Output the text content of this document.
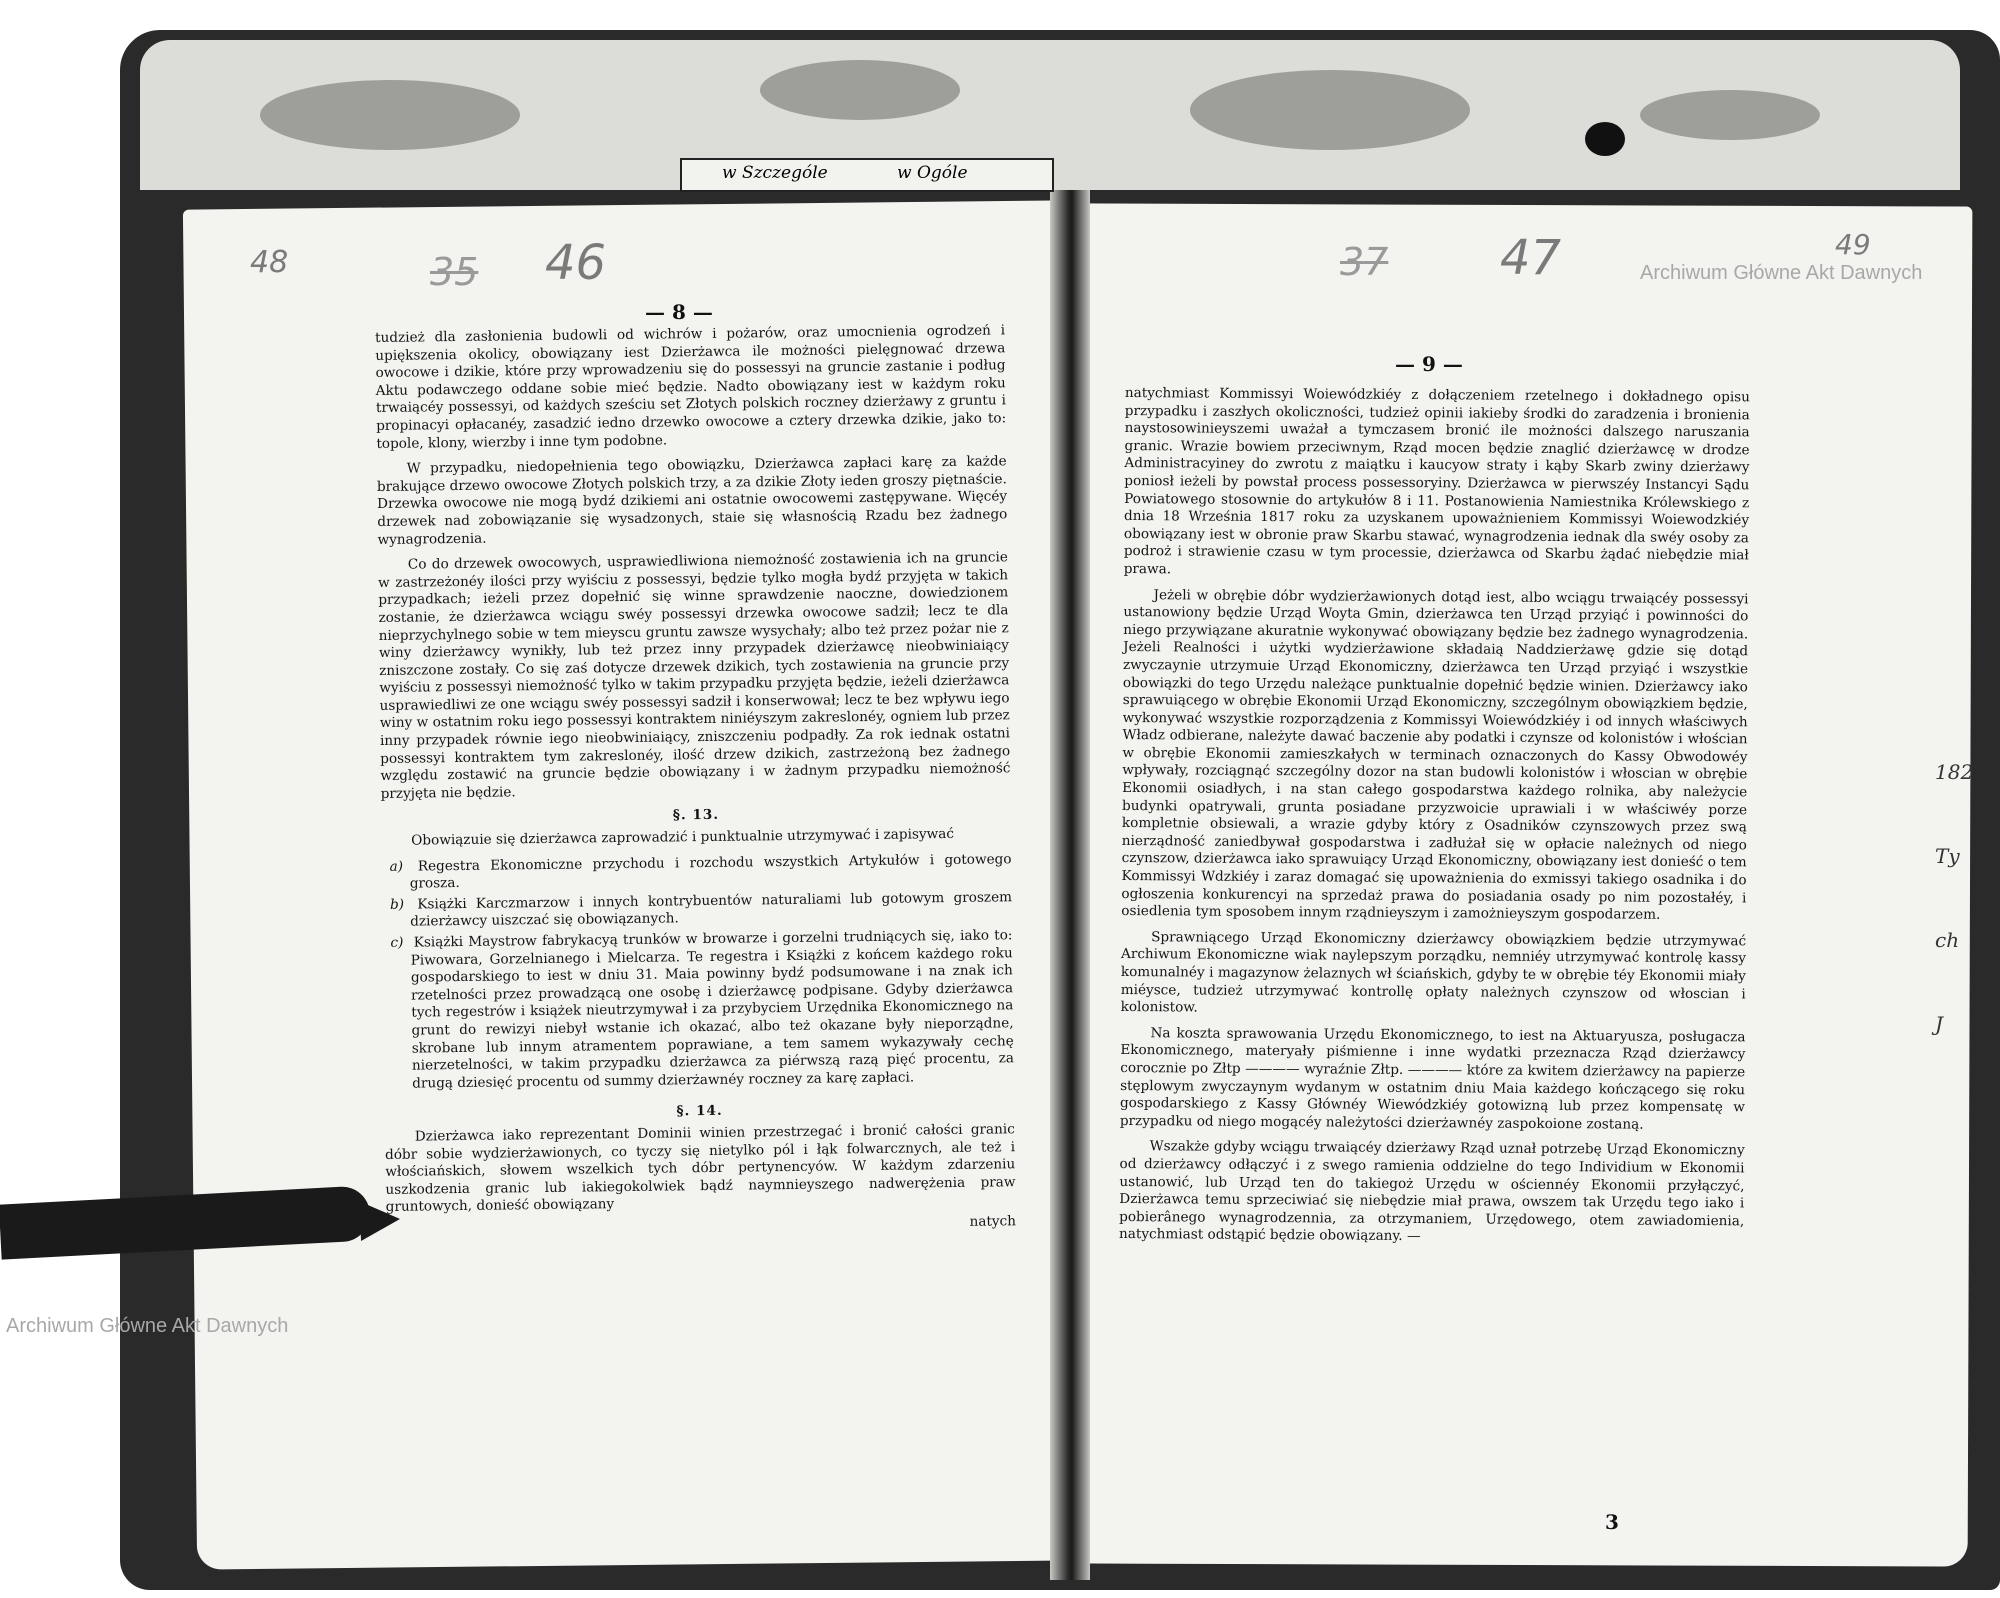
w Szczególe	w Ogóle
48	35 46	37 47	49
Archiwum Główne Akt Dawnych
Archiwum Główne Akt Dawnych
— 8 —
— 9 —

tudzież dla zasłonienia budowli od wichrów i pożarów, oraz umocnienia ogrodzeń i upiększenia okolicy, obowiązany iest Dzierżawca ile możności pielęgnować drzewa owocowe i dzikie, które przy wprowadzeniu się do possessyi na gruncie zastanie i podług Aktu podawczego oddane sobie mieć będzie. Nadto obowiązany iest w każdym roku trwaiącéy possessyi, od każdych sześciu set Złotych polskich roczney dzierżawy z gruntu i propinacyi opłacanéy, zasadzić iedno drzewko owocowe a cztery drzewka dzikie, jako to: topole, klony, wierzby i inne tym podobne.

W przypadku, niedopełnienia tego obowiązku, Dzierżawca zapłaci karę za każde brakujące drzewo owocowe Złotych polskich trzy, a za dzikie Złoty ieden groszy piętnaście. Drzewka owocowe nie mogą bydź dzikiemi ani ostatnie owocowemi zastępywane. Więcéy drzewek nad zobowiązanie się wysadzonych, staie się własnością Rzadu bez żadnego wynagrodzenia.

Co do drzewek owocowych, usprawiedliwiona niemożność zostawienia ich na gruncie w zastrzeżonéy ilości przy wyiściu z possessyi, będzie tylko mogła bydź przyjęta w takich przypadkach; ieżeli przez dopełnić się winne sprawdzenie naoczne, dowiedzionem zostanie, że dzierżawca wciągu swéy possessyi drzewka owocowe sadził; lecz te dla nieprzychylnego sobie w tem mieyscu gruntu zawsze wysychały; albo też przez pożar nie z winy dzierżawcy wynikły, lub też przez inny przypadek dzierżawcę nieobwiniaiący zniszczone zostały. Co się zaś dotycze drzewek dzikich, tych zostawienia na gruncie przy wyiściu z possessyi niemożność tylko w takim przypadku przyjęta będzie, ieżeli dzierżawca usprawiedliwi ze one wciągu swéy possessyi sadził i konserwował; lecz te bez wpływu iego winy w ostatnim roku iego possessyi kontraktem niniéyszym zakreslonéy, ogniem lub przez inny przypadek równie iego nieobwiniaiący, zniszczeniu podpadły. Za rok iednak ostatni possessyi kontraktem tym zakreslonéy, ilość drzew dzikich, zastrzeżoną bez żadnego względu zostawić na gruncie będzie obowiązany i w żadnym przypadku niemożność przyjęta nie będzie.

§. 13.

Obowiązuie się dzierżawca zaprowadzić i punktualnie utrzymywać i zapisywać

a) Regestra Ekonomiczne przychodu i rozchodu wszystkich Artykułów i gotowego grosza.
b) Książki Karczmarzow i innych kontrybuentów naturaliami lub gotowym groszem dzierżawcy uiszczać się obowiązanych.
c) Książki Maystrow fabrykacyą trunków w browarze i gorzelni trudniących się, iako to: Piwowara, Gorzelnianego i Mielcarza. Te regestra i Książki z końcem każdego roku gospodarskiego to iest w dniu 31. Maia powinny bydź podsumowane i na znak ich rzetelności przez prowadzącą one osobę i dzierżawcę podpisane. Gdyby dzierżawca tych regestrów i książek nieutrzymywał i za przybyciem Urzędnika Ekonomicznego na grunt do rewizyi niebył wstanie ich okazać, albo też okazane były nieporządne, skrobane lub innym atramentem poprawiane, a tem samem wykazywały cechę nierzetelności, w takim przypadku dzierżawca za piérwszą razą pięć procentu, za drugą dziesięć procentu od summy dzierżawnéy roczney za karę zapłaci.
§. 14.

Dzierżawca iako reprezentant Dominii winien przestrzegać i bronić całości granic dóbr sobie wydzierżawionych, co tyczy się nietylko pól i łąk folwarcznych, ale też i włościańskich, słowem wszelkich tych dóbr pertynencyów. W każdym zdarzeniu uszkodzenia granic lub iakiegokolwiek bądź naymnieyszego nadwerężenia praw gruntowych, donieść obowiązany

natych

natychmiast Kommissyi Woiewódzkiéy z dołączeniem rzetelnego i dokładnego opisu przypadku i zaszłych okoliczności, tudzież opinii iakieby środki do zaradzenia i bronienia naystosowinieyszemi uważał a tymczasem bronić ile możności dalszego naruszania granic. Wrazie bowiem przeciwnym, Rząd mocen będzie znaglić dzierżawcę w drodze Administracyiney do zwrotu z maiątku i kaucyow straty i kąby Skarb zwiny dzierżawy poniosł ieżeli by powstał process possessoryiny. Dzierżawca w pierwszéy Instancyi Sądu Powiatowego stosownie do artykułów 8 i 11. Postanowienia Namiestnika Królewskiego z dnia 18 Września 1817 roku za uzyskanem upoważnieniem Kommissyi Woiewodzkiéy obowiązany iest w obronie praw Skarbu stawać, wynagrodzenia iednak dla swéy osoby za podroż i strawienie czasu w tym processie, dzierżawca od Skarbu żądać niebędzie miał prawa.

Jeżeli w obrębie dóbr wydzierżawionych dotąd iest, albo wciągu trwaiącéy possessyi ustanowiony będzie Urząd Woyta Gmin, dzierżawca ten Urząd przyiąć i powinności do niego przywiązane akuratnie wykonywać obowiązany będzie bez żadnego wynagrodzenia. Jeżeli Realności i użytki wydzierżawione składaią Naddzierżawę gdzie się dotąd zwyczaynie utrzymuie Urząd Ekonomiczny, dzierżawca ten Urząd przyiąć i wszystkie obowiązki do tego Urzędu należące punktualnie dopełnić będzie winien. Dzierżawcy iako sprawuiącego w obrębie Ekonomii Urząd Ekonomiczny, szczególnym obowiązkiem będzie, wykonywać wszystkie rozporządzenia z Kommissyi Woiewódzkiéy i od innych właściwych Władz odbierane, należyte dawać baczenie aby podatki i czynsze od kolonistów i włościan w obrębie Ekonomii zamieszkałych w terminach oznaczonych do Kassy Obwodowéy wpływały, rozciągnąć szczególny dozor na stan budowli kolonistów i włoscian w obrębie Ekonomii osiadłych, i na stan całego gospodarstwa każdego rolnika, aby należycie budynki opatrywali, grunta posiadane przyzwoicie uprawiali i w właściwéy porze kompletnie obsiewali, a wrazie gdyby który z Osadników czynszowych przez swą nierządność zaniedbywał gospodarstwa i zadłużał się w opłacie należnych od niego czynszow, dzierżawca iako sprawuiący Urząd Ekonomiczny, obowiązany iest donieść o tem Kommissyi Wdzkiéy i zaraz domagać się upoważnienia do exmissyi takiego osadnika i do ogłoszenia konkurencyi na sprzedaż prawa do posiadania osady po nim pozostałéy, i osiedlenia tym sposobem innym rządnieyszym i zamożnieyszym gospodarzem.

Sprawniącego Urząd Ekonomiczny dzierżawcy obowiązkiem będzie utrzymywać Archiwum Ekonomiczne wiak naylepszym porządku, nemniéy utrzymywać kontrolę kassy komunalnéy i magazynow żelaznych wł ściańskich, gdyby te w obrębie téy Ekonomii miały miéysce, tudzież utrzymywać kontrollę opłaty należnych czynszow od włoscian i kolonistow.

Na koszta sprawowania Urzędu Ekonomicznego, to iest na Aktuaryusza, posługacza Ekonomicznego, materyały piśmienne i inne wydatki przeznacza Rząd dzierżawcy corocznie po Złtp ———— wyraźnie Złtp. ———— które za kwitem dzierżawcy na papierze stęplowym zwyczaynym wydanym w ostatnim dniu Maia każdego kończącego się roku gospodarskiego z Kassy Głównéy Wiewódzkiéy gotowizną lub przez kompensatę w przypadku od niego mogącéy należytości dzierżawnéy zaspokoione zostaną.

Wszakże gdyby wciągu trwaiącéy dzierżawy Rząd uznał potrzebę Urząd Ekonomiczny od dzierżawcy odłączyć i z swego ramienia oddzielne do tego Individium w Ekonomii ustanowić, lub Urząd ten do takiegoż Urzędu w ościennéy Ekonomii przyłączyć, Dzierżawca temu sprzeciwiać się niebędzie miał prawa, owszem tak Urzędu tego iako i pobierânego wynagrodzennia, za otrzymaniem, Urzędowego, otem zawiadomienia, natychmiast odstąpić będzie obowiązany. —

3
182
Ty
ch
J
